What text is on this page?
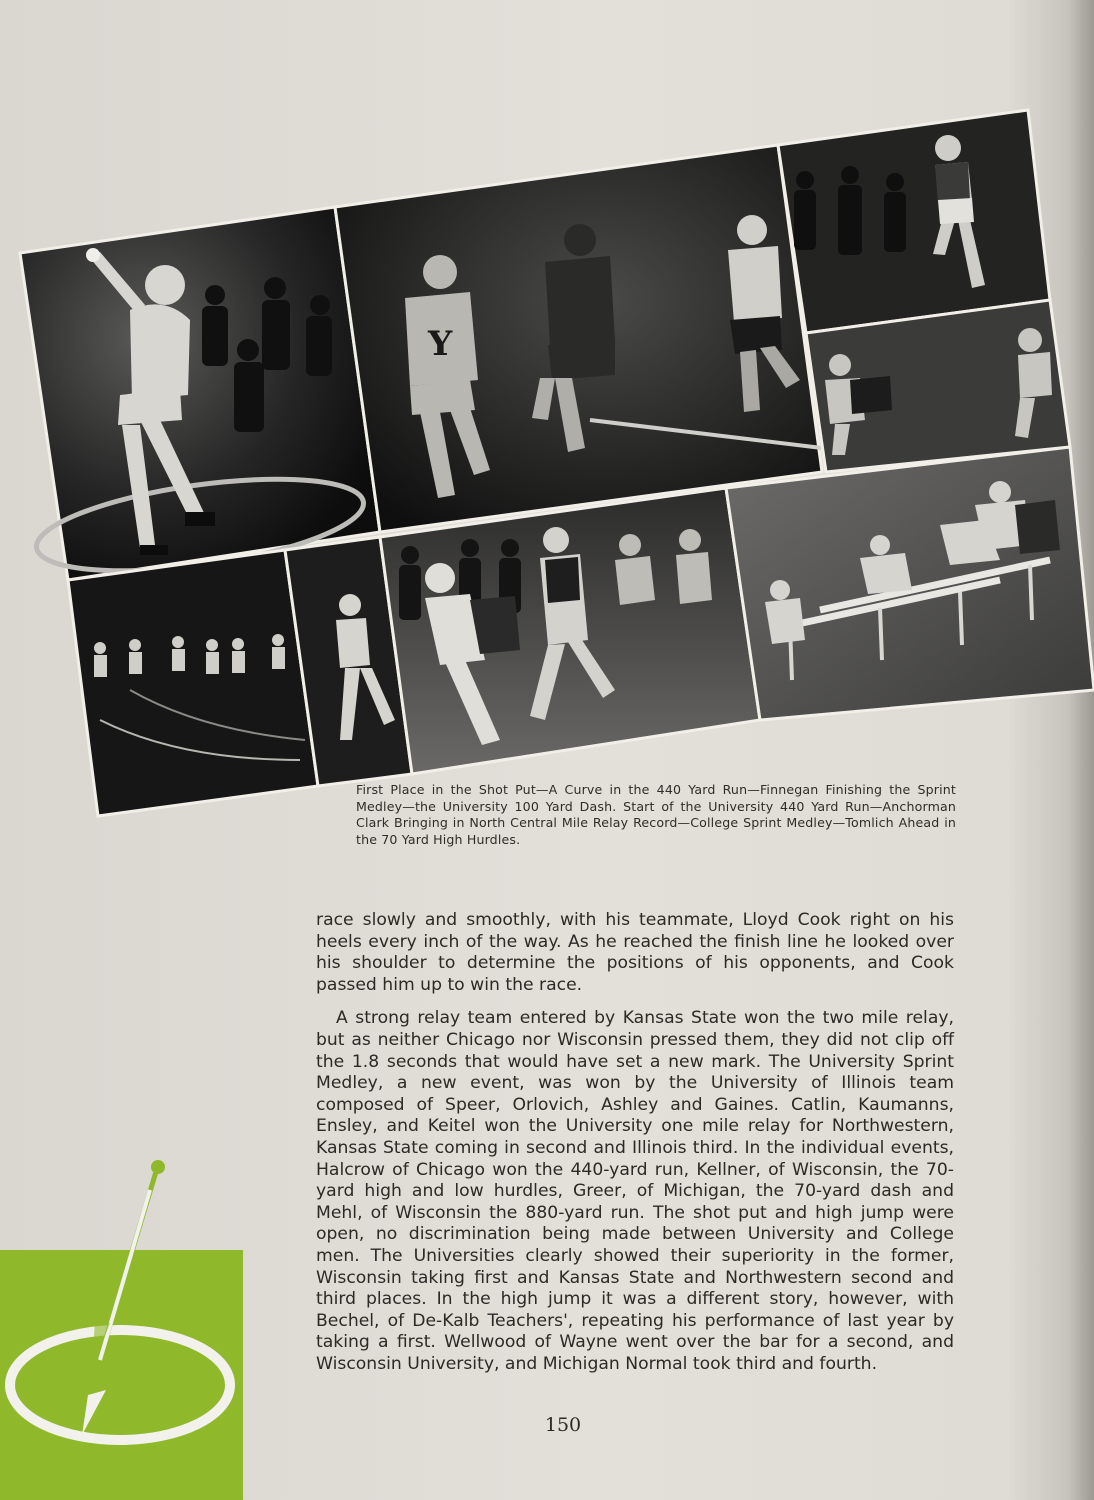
Y
First Place in the Shot Put—A Curve in the 440 Yard Run—Finnegan Finishing the Sprint Medley—the University 100 Yard Dash. Start of the University 440 Yard Run—Anchorman Clark Bringing in North Central Mile Relay Record—College Sprint Medley—Tomlich Ahead in the 70 Yard High Hurdles.

race slowly and smoothly, with his teammate, Lloyd Cook right on his heels every inch of the way. As he reached the finish line he looked over his shoulder to determine the positions of his opponents, and Cook passed him up to win the race.

A strong relay team entered by Kansas State won the two mile relay, but as neither Chicago nor Wisconsin pressed them, they did not clip off the 1.8 seconds that would have set a new mark. The University Sprint Medley, a new event, was won by the University of Illinois team composed of Speer, Orlovich, Ashley and Gaines. Catlin, Kaumanns, Ensley, and Keitel won the University one mile relay for Northwestern, Kansas State coming in second and Illinois third. In the individual events, Halcrow of Chicago won the 440-yard run, Kellner, of Wisconsin, the 70-yard high and low hurdles, Greer, of Michigan, the 70-yard dash and Mehl, of Wisconsin the 880-yard run. The shot put and high jump were open, no discrimination being made between University and College men. The Universities clearly showed their superiority in the former, Wisconsin taking first and Kansas State and Northwestern second and third places. In the high jump it was a different story, however, with Bechel, of De-Kalb Teachers', repeating his performance of last year by taking a first. Wellwood of Wayne went over the bar for a second, and Wisconsin University, and Michigan Normal took third and fourth.

150
